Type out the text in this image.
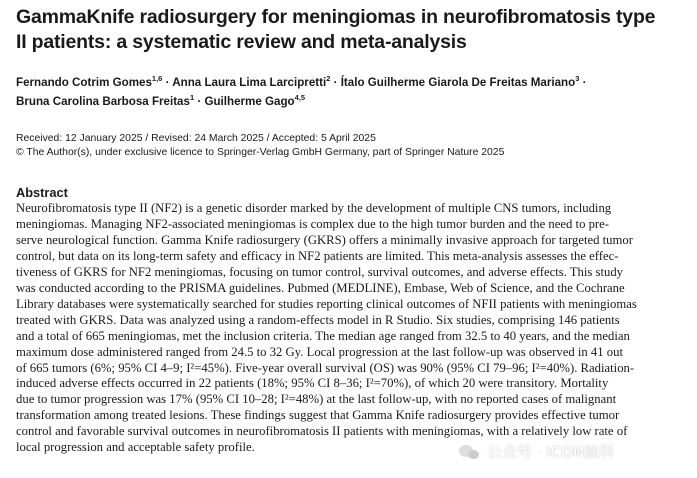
GammaKnife radiosurgery for meningiomas in neurofibromatosis type
II patients: a systematic review and meta-analysis
Fernando Cotrim Gomes$^{1,6}$ · Anna Laura Lima Larcipretti$^2$ · Ítalo Guilherme Giarola De Freitas Mariano$^3$ ·
Bruna Carolina Barbosa Freitas$^1$ · Guilherme Gago$^{4,5}$
Received: 12 January 2025 / Revised: 24 March 2025 / Accepted: 5 April 2025
© The Author(s), under exclusive licence to Springer-Verlag GmbH Germany, part of Springer Nature 2025
Abstract
Neurofibromatosis type II (NF2) is a genetic disorder marked by the development of multiple CNS tumors, including
meningiomas. Managing NF2-associated meningiomas is complex due to the high tumor burden and the need to pre-
serve neurological function. Gamma Knife radiosurgery (GKRS) offers a minimally invasive approach for targeted tumor
control, but data on its long-term safety and efficacy in NF2 patients are limited. This meta-analysis assesses the effec-
tiveness of GKRS for NF2 meningiomas, focusing on tumor control, survival outcomes, and adverse effects. This study
was conducted according to the PRISMA guidelines. Pubmed (MEDLINE), Embase, Web of Science, and the Cochrane
Library databases were systematically searched for studies reporting clinical outcomes of NFII patients with meningiomas
treated with GKRS. Data was analyzed using a random-effects model in R Studio. Six studies, comprising 146 patients
and a total of 665 meningiomas, met the inclusion criteria. The median age ranged from 32.5 to 40 years, and the median
maximum dose administered ranged from 24.5 to 32 Gy. Local progression at the last follow-up was observed in 41 out
of 665 tumors (6%; 95% CI 4–9; I²=45%). Five-year overall survival (OS) was 90% (95% CI 79–96; I²=40%). Radiation-
induced adverse effects occurred in 22 patients (18%; 95% CI 8–36; I²=70%), of which 20 were transitory. Mortality
due to tumor progression was 17% (95% CI 10–28; I²=48%) at the last follow-up, with no reported cases of malignant
transformation among treated lesions. These findings suggest that Gamma Knife radiosurgery provides effective tumor
control and favorable survival outcomes in neurofibromatosis II patients with meningiomas, with a relatively low rate of
local progression and acceptable safety profile.	公众号 · ICON脑科
